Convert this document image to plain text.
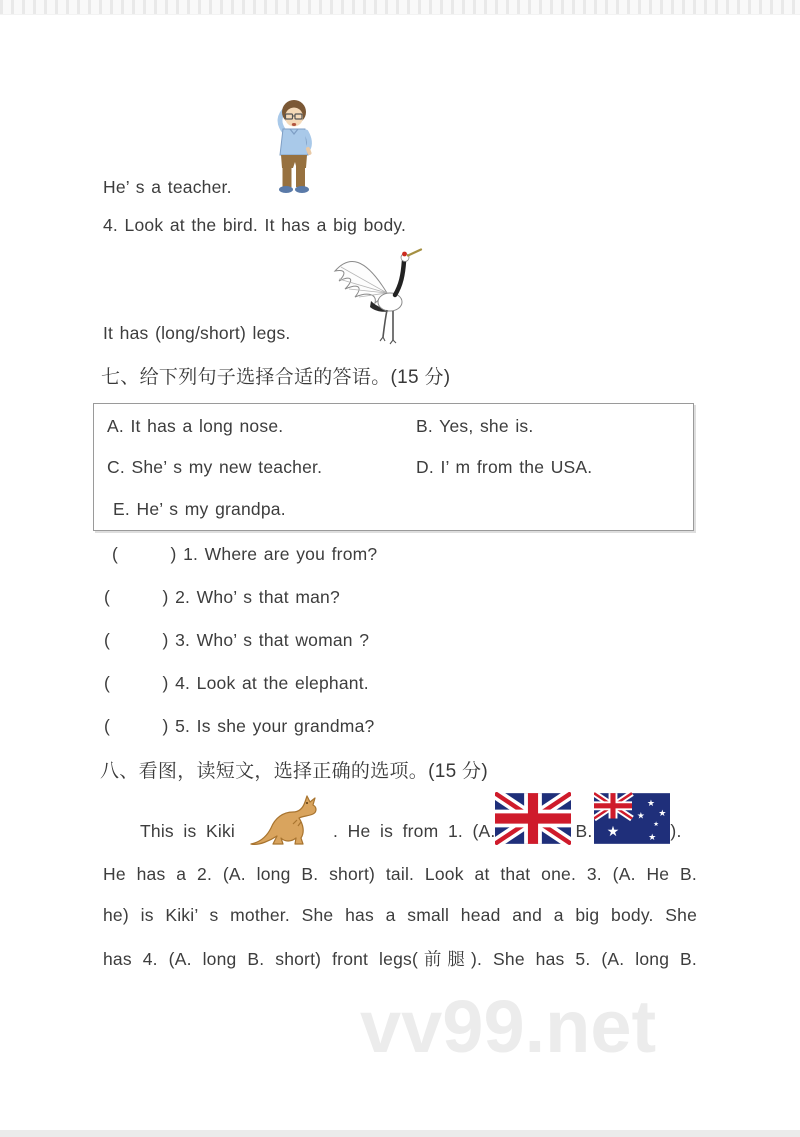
He’ s a teacher.
4. Look at the bird. It has a big body.
It has (long/short) legs.
七、给下列句子选择合适的答语。(15 分)
A. It has a long nose.	B. Yes, she is.
C. She’ s my new teacher.	D. I’ m from the USA.
E. He’ s my grandpa.
(        ) 1. Where are you from?
(        ) 2. Who’ s that man?
(        ) 3. Who’ s that woman ?
(        ) 4. Look at the elephant.
(        ) 5. Is she your grandma?
八、看图，读短文，选择正确的选项。(15 分)
This is Kiki	. He is from 1. (A.	B. ★
★
★ ★
★
★ ).
He has a 2. (A. long B. short) tail. Look at that one. 3. (A. He B.
he) is Kiki’ s mother. She has a small head and a big body. She
has 4. (A. long B. short) front legs(前腿). She has 5. (A. long B.
vv99.net
